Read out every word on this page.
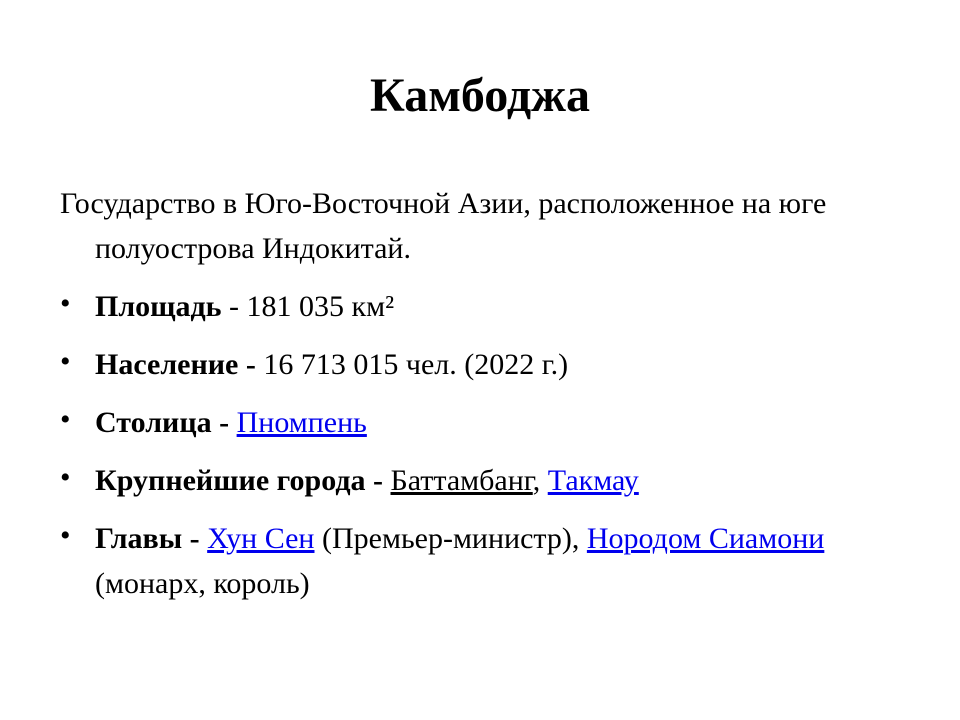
Камбоджа
Государство в Юго-Восточной Азии, расположенное на юге полуострова Индокитай.
• Площадь - 181 035 км²
• Население - 16 713 015 чел. (2022 г.)
• Столица - Пномпень
• Крупнейшие города - Баттамбанг, Такмау
• Главы - Хун Сен (Премьер-министр), Нородом Сиамони (монарх, король)
